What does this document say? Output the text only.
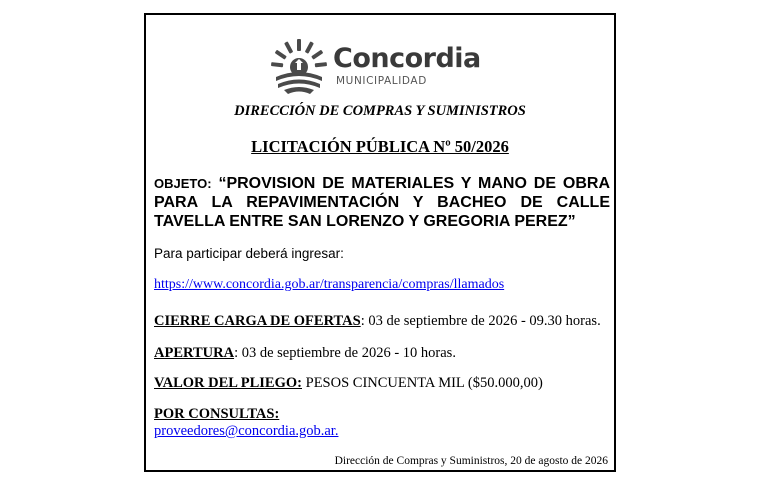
Concordia
MUNICIPALIDAD
DIRECCIÓN DE COMPRAS Y SUMINISTROS
LICITACIÓN PÚBLICA Nº 50/2026
OBJETO: “PROVISION DE MATERIALES Y MANO DE OBRA PARA LA REPAVIMENTACIÓN Y BACHEO DE CALLE TAVELLA ENTRE SAN LORENZO Y GREGORIA PEREZ”
Para participar deberá ingresar:
https://www.concordia.gob.ar/transparencia/compras/llamados
CIERRE CARGA DE OFERTAS: 03 de septiembre de 2026 - 09.30 horas.
APERTURA: 03 de septiembre de 2026 - 10 horas.
VALOR DEL PLIEGO: PESOS CINCUENTA MIL ($50.000,00)
POR CONSULTAS:
proveedores@concordia.gob.ar.
Dirección de Compras y Suministros, 20 de agosto de 2026
